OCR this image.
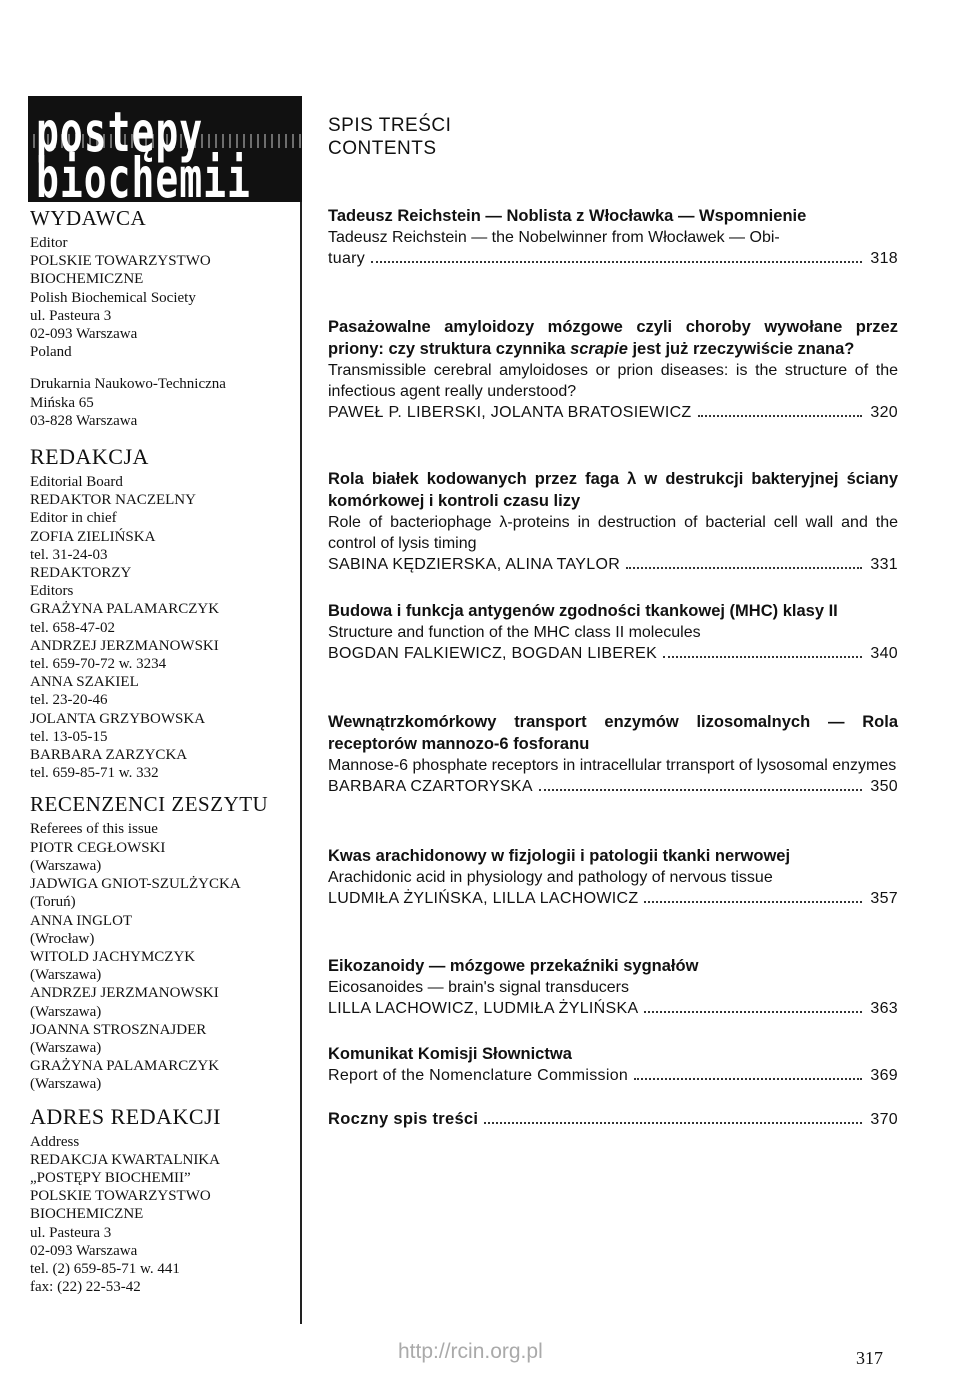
postępy
biochemii

WYDAWCA

Editor

POLSKIE TOWARZYSTWO

BIOCHEMICZNE

Polish Biochemical Society

ul. Pasteura 3

02-093 Warszawa

Poland

Drukarnia Naukowo-Techniczna

Mińska 65

03-828 Warszawa

REDAKCJA

Editorial Board

REDAKTOR NACZELNY

Editor in chief

ZOFIA ZIELIŃSKA

tel. 31-24-03

REDAKTORZY

Editors

GRAŻYNA PALAMARCZYK

tel. 658-47-02

ANDRZEJ JERZMANOWSKI

tel. 659-70-72 w. 3234

ANNA SZAKIEL

tel. 23-20-46

JOLANTA GRZYBOWSKA

tel. 13-05-15

BARBARA ZARZYCKA

tel. 659-85-71 w. 332

RECENZENCI ZESZYTU

Referees of this issue

PIOTR CEGŁOWSKI

(Warszawa)

JADWIGA GNIOT-SZULŻYCKA

(Toruń)

ANNA INGLOT

(Wrocław)

WITOLD JACHYMCZYK

(Warszawa)

ANDRZEJ JERZMANOWSKI

(Warszawa)

JOANNA STROSZNAJDER

(Warszawa)

GRAŻYNA PALAMARCZYK

(Warszawa)

ADRES REDAKCJI

Address

REDAKCJA KWARTALNIKA

„POSTĘPY BIOCHEMII”

POLSKIE TOWARZYSTWO

BIOCHEMICZNE

ul. Pasteura 3

02-093 Warszawa

tel. (2) 659-85-71 w. 441

fax: (22) 22-53-42

SPIS TREŚCI

CONTENTS

Tadeusz Reichstein — Noblista z Włocławka — Wspomnienie

Tadeusz Reichstein — the Nobelwinner from Włocławek — Obi-

tuary	318

Pasażowalne amyloidozy mózgowe czyli choroby wywołane przez priony: czy struktura czynnika scrapie jest już rzeczywiście znana?

Transmissible cerebral amyloidoses or prion diseases: is the structure of the infectious agent really understood?

PAWEŁ P. LIBERSKI, JOLANTA BRATOSIEWICZ	320

Rola białek kodowanych przez faga λ w destrukcji bakteryjnej ściany komórkowej i kontroli czasu lizy

Role of bacteriophage λ-proteins in destruction of bacterial cell wall and the control of lysis timing

SABINA KĘDZIERSKA, ALINA TAYLOR	331

Budowa i funkcja antygenów zgodności tkankowej (MHC) klasy II

Structure and function of the MHC class II molecules

BOGDAN FALKIEWICZ, BOGDAN LIBEREK	340

Wewnątrzkomórkowy transport enzymów lizosomalnych — Rola receptorów mannozo-6 fosforanu

Mannose-6 phosphate receptors in intracellular trransport of lysosomal enzymes

BARBARA CZARTORYSKA	350

Kwas arachidonowy w fizjologii i patologii tkanki nerwowej

Arachidonic acid in physiology and pathology of nervous tissue

LUDMIŁA ŻYLIŃSKA, LILLA LACHOWICZ	357

Eikozanoidy — mózgowe przekaźniki sygnałów

Eicosanoides — brain's signal transducers

LILLA LACHOWICZ, LUDMIŁA ŻYLIŃSKA	363

Komunikat Komisji Słownictwa

Report of the Nomenclature Commission	369
Roczny spis treści	370
http://rcin.org.pl	317
